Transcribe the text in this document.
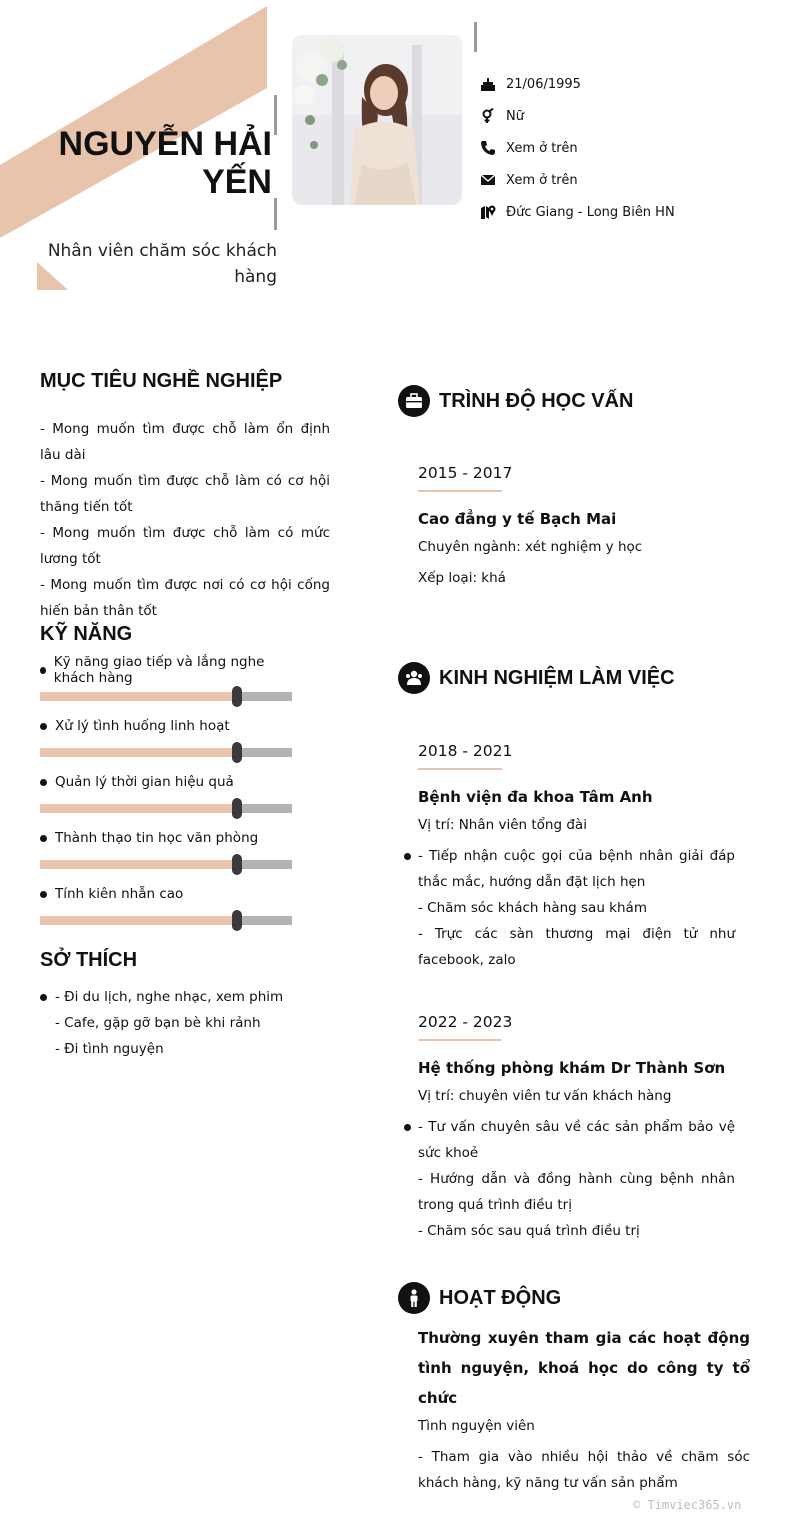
NGUYỄN HẢI YẾN
Nhân viên chăm sóc khách hàng
21/06/1995
Nữ
Xem ở trên
Xem ở trên
Đức Giang - Long Biên HN
MỤC TIÊU NGHỀ NGHIỆP
- Mong muốn tìm được chỗ làm ổn định lâu dài
- Mong muốn tìm được chỗ làm có cơ hội thăng tiến tốt
- Mong muốn tìm được chỗ làm có mức lương tốt
- Mong muốn tìm được nơi có cơ hội cống hiến bản thân tốt
KỸ NĂNG
Kỹ năng giao tiếp và lắng nghe khách hàng
Xử lý tình huống linh hoạt
Quản lý thời gian hiệu quả
Thành thạo tin học văn phòng
Tính kiên nhẫn cao
SỞ THÍCH
- Đi du lịch, nghe nhạc, xem phim
- Cafe, gặp gỡ bạn bè khi rảnh
- Đi tình nguyện
TRÌNH ĐỘ HỌC VẤN
2015 - 2017
Cao đẳng y tế Bạch Mai
Chuyên ngành: xét nghiệm y học
Xếp loại: khá
KINH NGHIỆM LÀM VIỆC
2018 - 2021
Bệnh viện đa khoa Tâm Anh
Vị trí: Nhân viên tổng đài
- Tiếp nhận cuộc gọi của bệnh nhân giải đáp thắc mắc, hướng dẫn đặt lịch hẹn
- Chăm sóc khách hàng sau khám
- Trực các sàn thương mại điện tử như facebook, zalo
2022 - 2023
Hệ thống phòng khám Dr Thành Sơn
Vị trí: chuyên viên tư vấn khách hàng
- Tư vấn chuyên sâu về các sản phẩm bảo vệ sức khoẻ
- Hướng dẫn và đồng hành cùng bệnh nhân trong quá trình điều trị
- Chăm sóc sau quá trình điều trị
HOẠT ĐỘNG
Thường xuyên tham gia các hoạt động tình nguyện, khoá học do công ty tổ chức
Tình nguyện viên
- Tham gia vào nhiều hội thảo về chăm sóc khách hàng, kỹ năng tư vấn sản phẩm
© Timviec365.vn
